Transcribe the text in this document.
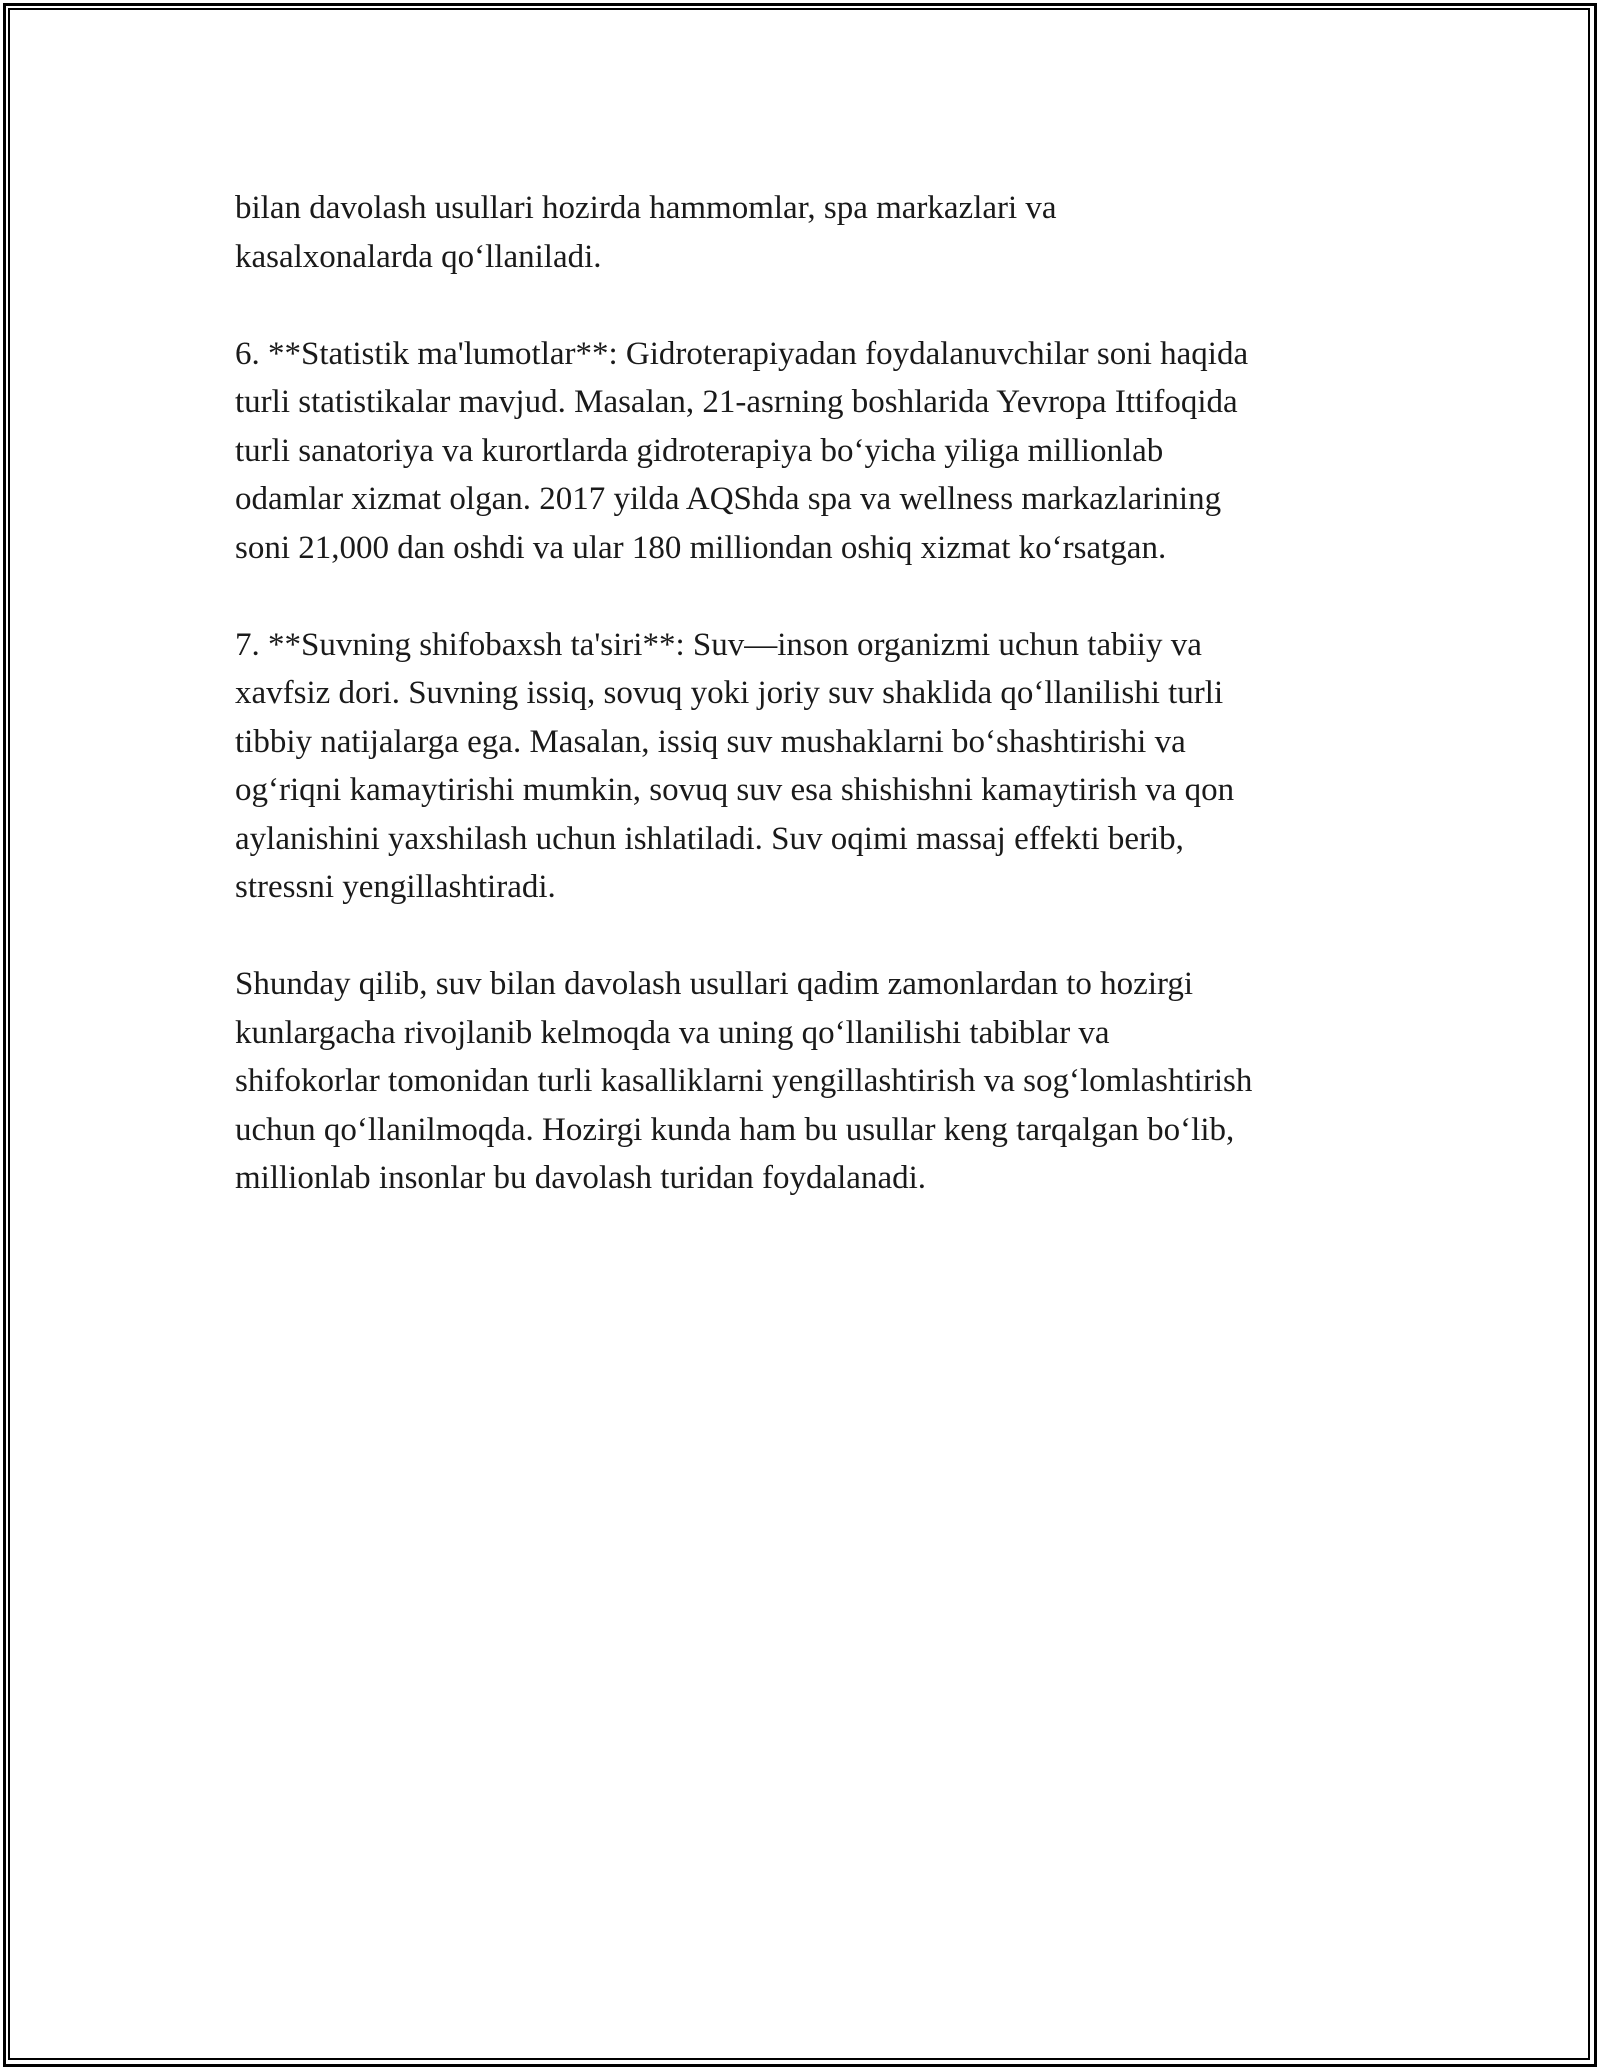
bilan davolash usullari hozirda hammomlar, spa markazlari va
kasalxonalarda qo‘llaniladi.
6. **Statistik ma'lumotlar**: Gidroterapiyadan foydalanuvchilar soni haqida
turli statistikalar mavjud. Masalan, 21-asrning boshlarida Yevropa Ittifoqida
turli sanatoriya va kurortlarda gidroterapiya bo‘yicha yiliga millionlab
odamlar xizmat olgan. 2017 yilda AQShda spa va wellness markazlarining
soni 21,000 dan oshdi va ular 180 milliondan oshiq xizmat ko‘rsatgan.
7. **Suvning shifobaxsh ta'siri**: Suv—inson organizmi uchun tabiiy va
xavfsiz dori. Suvning issiq, sovuq yoki joriy suv shaklida qo‘llanilishi turli
tibbiy natijalarga ega. Masalan, issiq suv mushaklarni bo‘shashtirishi va
og‘riqni kamaytirishi mumkin, sovuq suv esa shishishni kamaytirish va qon
aylanishini yaxshilash uchun ishlatiladi. Suv oqimi massaj effekti berib,
stressni yengillashtiradi.
Shunday qilib, suv bilan davolash usullari qadim zamonlardan to hozirgi
kunlargacha rivojlanib kelmoqda va uning qo‘llanilishi tabiblar va
shifokorlar tomonidan turli kasalliklarni yengillashtirish va sog‘lomlashtirish
uchun qo‘llanilmoqda. Hozirgi kunda ham bu usullar keng tarqalgan bo‘lib,
millionlab insonlar bu davolash turidan foydalanadi.
